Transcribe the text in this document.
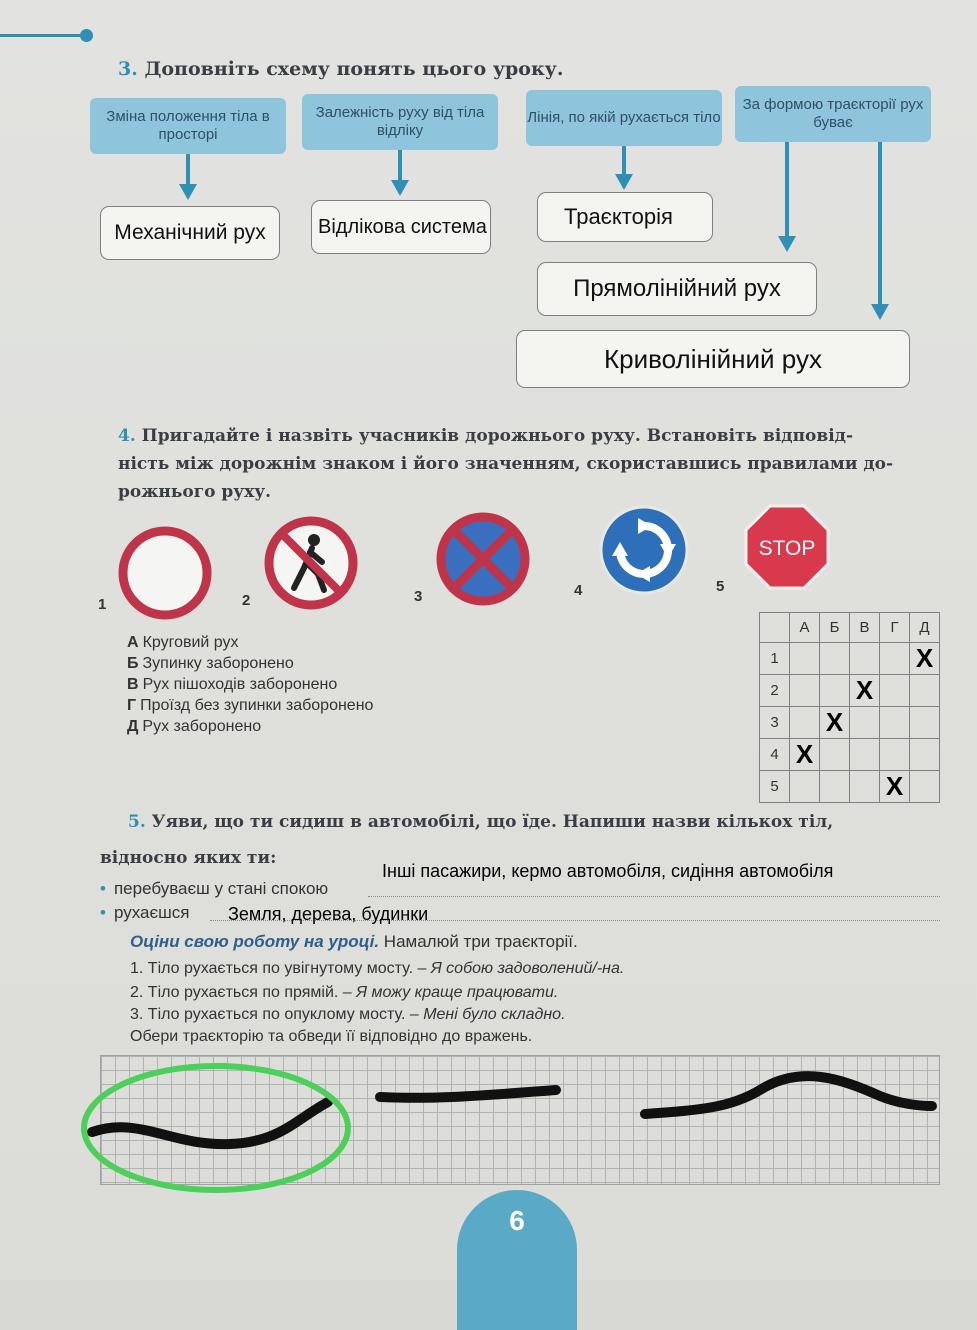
3. Доповніть схему понять цього уроку.
Зміна положення тіла в просторі
Залежність руху від тіла відліку
Лінія, по якій рухається тіло
За формою траєкторії рух буває
Механічний рух	Відлікова система	Траєкторія
Прямолінійний рух
Криволінійний рух
4. Пригадайте і назвіть учасників дорожнього руху. Встановіть відповід-
ність між дорожнім знаком і його значенням, скориставшись правилами до-
рожнього руху.
1	2	3	4
STOP
5
А Круговий рух
Б Зупинку заборонено
В Рух пішоходів заборонено
Г Проїзд без зупинки заборонено
Д Рух заборонено
	А	Б	В	Г	Д
1					X
2			X		
3		X			
4	X				
5				X	
5. Уяви, що ти сидиш в автомобілі, що їде. Напиши назви кількох тіл,
відносно яких ти:
• перебуваєш у стані спокою
Інші пасажири, кермо автомобіля, сидіння автомобіля
• рухаєшся Земля, дерева, будинки
Оціни свою роботу на уроці. Намалюй три траєкторії.
1. Тіло рухається по увігнутому мосту. – Я собою задоволений/-на.
2. Тіло рухається по прямій. – Я можу краще працювати.
3. Тіло рухається по опуклому мосту. – Мені було складно.
Обери траєкторію та обведи її відповідно до вражень.
6
